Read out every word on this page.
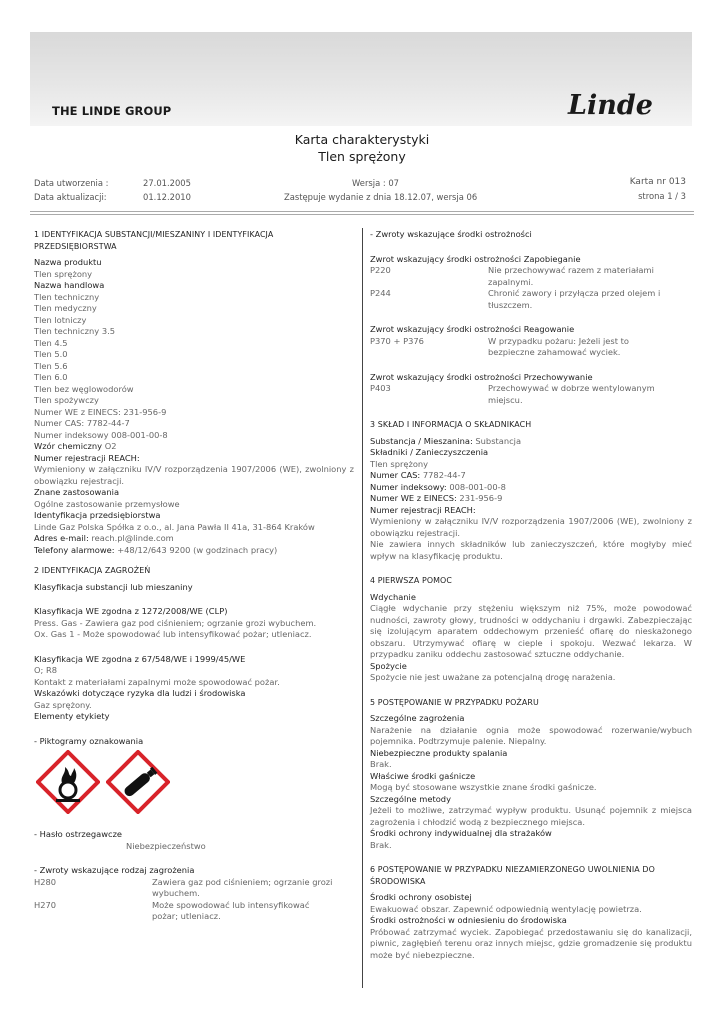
THE LINDE GROUP	Linde
Karta charakterystyki
Tlen sprężony
Data utworzenia :	27.01.2005
Data aktualizacji:	01.12.2010
Wersja : 07
Zastępuje wydanie z dnia 18.12.07, wersja 06
Karta nr 013
strona 1 / 3
1 IDENTYFIKACJA SUBSTANCJI/MIESZANINY I IDENTYFIKACJA PRZEDSIĘBIORSTWA
Nazwa produktu
Tlen sprężony
Nazwa handlowa
Tlen techniczny
Tlen medyczny
Tlen lotniczy
Tlen techniczny 3.5
Tlen 4.5
Tlen 5.0
Tlen 5.6
Tlen 6.0
Tlen bez węglowodorów
Tlen spożywczy
Numer WE z EINECS: 231-956-9
Numer CAS: 7782-44-7
Numer indeksowy 008-001-00-8
Wzór chemiczny O2
Numer rejestracji REACH:
Wymieniony w załączniku IV/V rozporządzenia 1907/2006 (WE), zwolniony z obowiązku rejestracji.
Znane zastosowania
Ogólne zastosowanie przemysłowe
Identyfikacja przedsiębiorstwa
Linde Gaz Polska Spółka z o.o., al. Jana Pawła II 41a, 31-864 Kraków
Adres e-mail: reach.pl@linde.com
Telefony alarmowe: +48/12/643 9200 (w godzinach pracy)
2 IDENTYFIKACJA ZAGROŻEŃ
Klasyfikacja substancji lub mieszaniny
Klasyfikacja WE zgodna z 1272/2008/WE (CLP)
Press. Gas - Zawiera gaz pod ciśnieniem; ogrzanie grozi wybuchem.
Ox. Gas 1 - Może spowodować lub intensyfikować pożar; utleniacz.
Klasyfikacja WE zgodna z 67/548/WE i 1999/45/WE
O; R8
Kontakt z materiałami zapalnymi może spowodować pożar.
Wskazówki dotyczące ryzyka dla ludzi i środowiska
Gaz sprężony.
Elementy etykiety
- Piktogramy oznakowania
- Hasło ostrzegawcze
Niebezpieczeństwo
- Zwroty wskazujące rodzaj zagrożenia
H280	Zawiera gaz pod ciśnieniem; ogrzanie grozi wybuchem.
H270	Może spowodować lub intensyfikować pożar; utleniacz.
- Zwroty wskazujące środki ostrożności
Zwrot wskazujący środki ostrożności Zapobieganie
P220	Nie przechowywać razem z materiałami zapalnymi.
P244	Chronić zawory i przyłącza przed olejem i tłuszczem.
Zwrot wskazujący środki ostrożności Reagowanie
P370 + P376	W przypadku pożaru: Jeżeli jest to bezpieczne zahamować wyciek.
Zwrot wskazujący środki ostrożności Przechowywanie
P403	Przechowywać w dobrze wentylowanym miejscu.
3 SKŁAD I INFORMACJA O SKŁADNIKACH
Substancja / Mieszanina: Substancja
Składniki / Zanieczyszczenia
Tlen sprężony
Numer CAS: 7782-44-7
Numer indeksowy: 008-001-00-8
Numer WE z EINECS: 231-956-9
Numer rejestracji REACH:
Wymieniony w załączniku IV/V rozporządzenia 1907/2006 (WE), zwolniony z obowiązku rejestracji.
Nie zawiera innych składników lub zanieczyszczeń, które mogłyby mieć wpływ na klasyfikację produktu.
4 PIERWSZA POMOC
Wdychanie
Ciągłe wdychanie przy stężeniu większym niż 75%, może powodować nudności, zawroty głowy, trudności w oddychaniu i drgawki. Zabezpieczając się izolującym aparatem oddechowym przenieść ofiarę do nieskażonego obszaru. Utrzymywać ofiarę w cieple i spokoju. Wezwać lekarza. W przypadku zaniku oddechu zastosować sztuczne oddychanie.
Spożycie
Spożycie nie jest uważane za potencjalną drogę narażenia.
5 POSTĘPOWANIE W PRZYPADKU POŻARU
Szczególne zagrożenia
Narażenie na działanie ognia może spowodować rozerwanie/wybuch pojemnika. Podtrzymuje palenie. Niepalny.
Niebezpieczne produkty spalania
Brak.
Właściwe środki gaśnicze
Mogą być stosowane wszystkie znane środki gaśnicze.
Szczególne metody
Jeżeli to możliwe, zatrzymać wypływ produktu. Usunąć pojemnik z miejsca zagrożenia i chłodzić wodą z bezpiecznego miejsca.
Środki ochrony indywidualnej dla strażaków
Brak.
6 POSTĘPOWANIE W PRZYPADKU NIEZAMIERZONEGO UWOLNIENIA DO ŚRODOWISKA
Środki ochrony osobistej
Ewakuować obszar. Zapewnić odpowiednią wentylację powietrza.
Środki ostrożności w odniesieniu do środowiska
Próbować zatrzymać wyciek. Zapobiegać przedostawaniu się do kanalizacji, piwnic, zagłębień terenu oraz innych miejsc, gdzie gromadzenie się produktu może być niebezpieczne.
